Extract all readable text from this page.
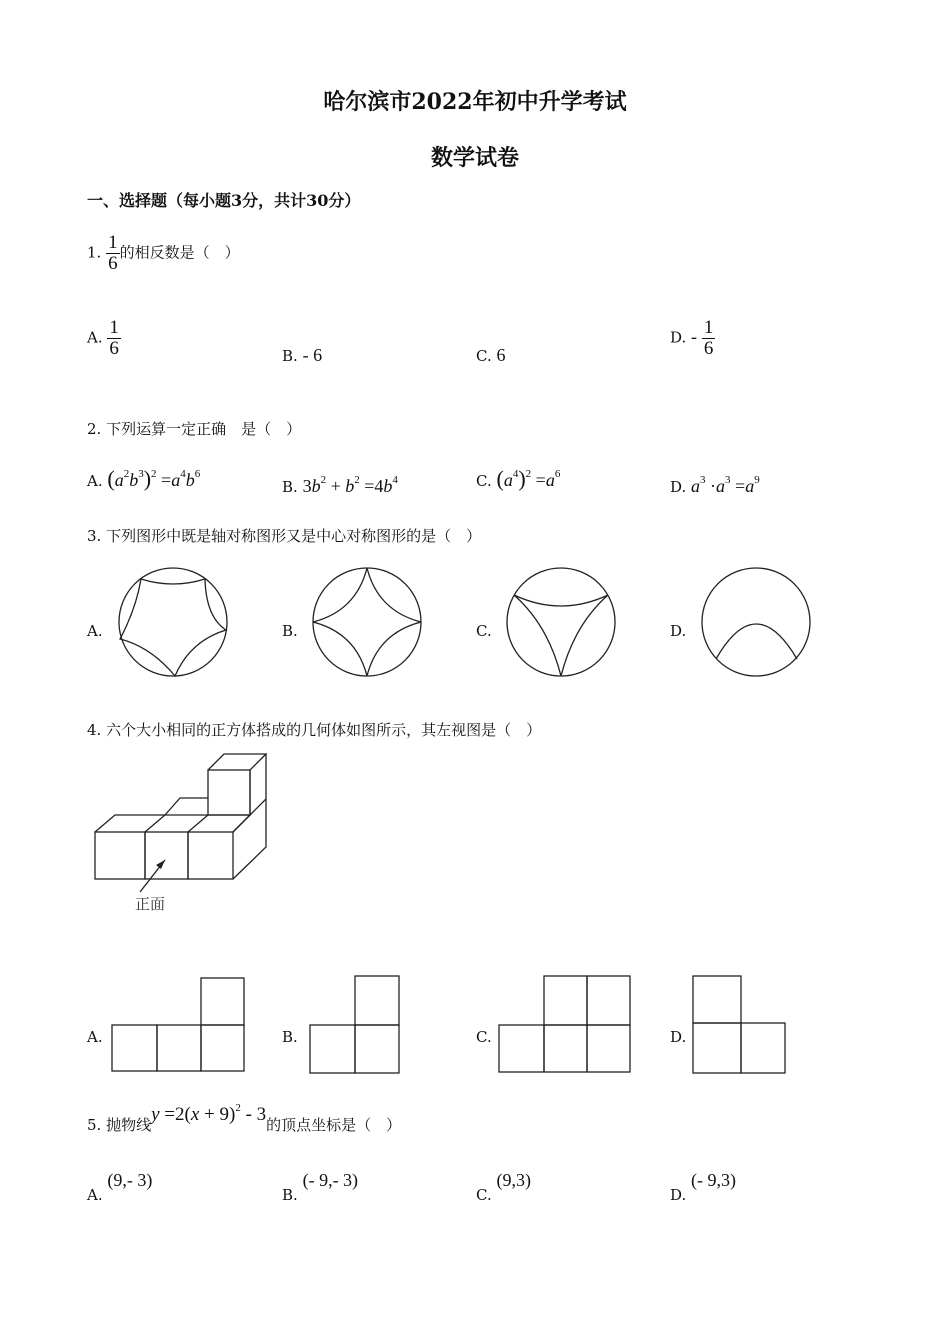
哈尔滨市2022年初中升学考试
数学试卷
一、选择题（每小题3分，共计30分）
1. $\frac{1}{6}$ 的相反数是（　）
A. $\frac{1}{6}$	B. - 6	C. 6
D. - $\frac{1}{6}$
2. 下列运算一定正确　是（　）
A. $(a^2b^3)^2 =a^4b^6$
B. $3b^2 + b^2 =4b^4$	C. $(a^4)^2 =a^6$
D. $a^3 \cdot a^3 =a^9$
3. 下列图形中既是轴对称图形又是中心对称图形的是（　）
A.	B.	C.	D.
4. 六个大小相同的正方体搭成的几何体如图所示，其左视图是（　）
正面
A.	B.	C.	D.
5. 抛物线$y =2(x + 9)^2 - 3$的顶点坐标是（　）
A. (9,- 3)
B. (- 9,- 3)
C. (9,3)
D. (- 9,3)
